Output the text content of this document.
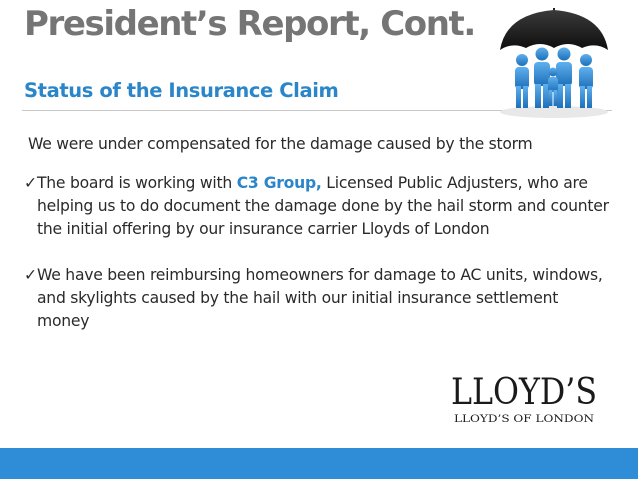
President’s Report, Cont.
Status of the Insurance Claim

We were under compensated for the damage caused by the storm

✓ The board is working with C3 Group, Licensed Public Adjusters, who are helping us to do document the damage done by the hail storm and counter the initial offering by our insurance carrier Lloyds of London

✓ We have been reimbursing homeowners for damage to AC units, windows, and skylights caused by the hail with our initial insurance settlement money

LLOYD’S
LLOYD’S OF LONDON
